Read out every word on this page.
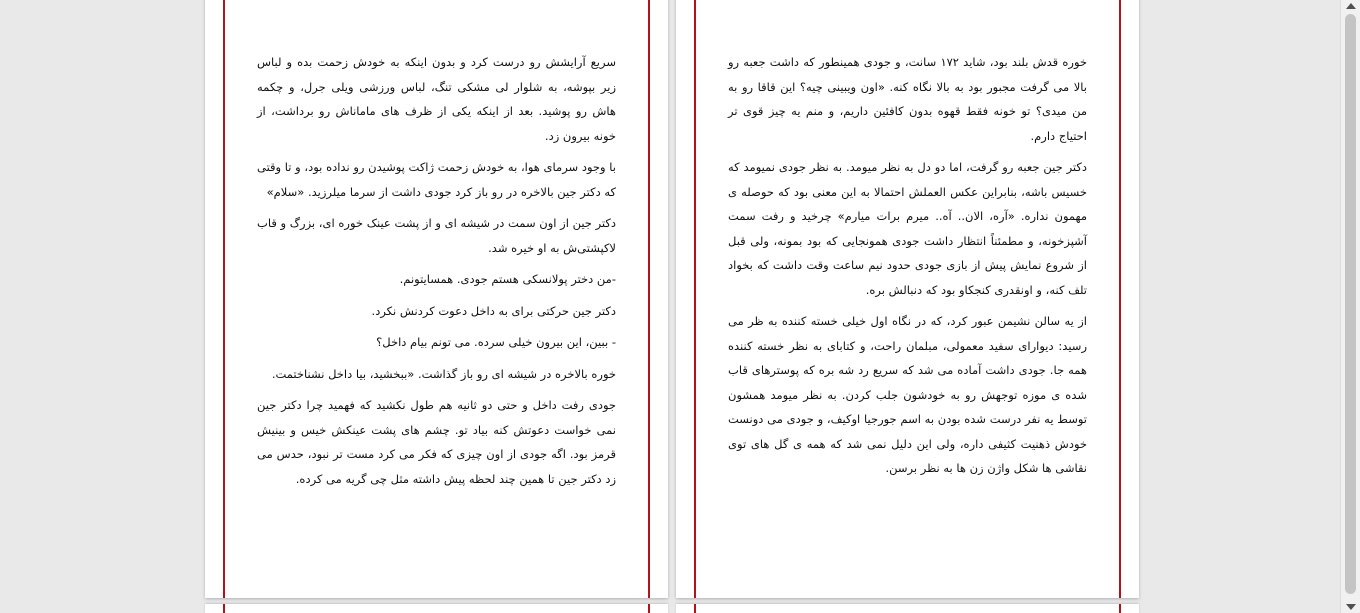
سریع آرایشش رو درست کرد و بدون اینکه به خودش زحمت بده و لباس زیر بپوشه، به شلوار لی مشکی تنگ، لباس ورزشی ویلی جرل، و چکمه هاش رو پوشید. بعد از اینکه یکی از ظرف های ماماناش رو برداشت، از خونه بیرون زد.

با وجود سرمای هوا، به خودش زحمت ژاکت پوشیدن رو نداده بود، و تا وقتی که دکتر جین بالاخره در رو باز کرد جودی داشت از سرما میلرزید. «سلام»

دکتر جین از اون سمت در شیشه ای و از پشت عینک خوره ای، بزرگ و قاب لاکپشتی‌ش به او خیره شد.

-من دختر پولانسکی هستم جودی. همسایتونم.

دکتر جین حرکتی برای به داخل دعوت کردنش نکرد.

- ببین، این بیرون خیلی سرده. می تونم بیام داخل؟

خوره بالاخره در شیشه ای رو باز گذاشت. «ببخشید، بیا داخل نشناختمت.

جودی رفت داخل و حتی دو ثانیه هم طول نکشید که فهمید چرا دکتر جین نمی خواست دعوتش کنه بیاد تو. چشم های پشت عینکش خیس و بینیش قرمز بود. اگه جودی از اون چیزی که فکر می کرد مست تر نبود، حدس می زد دکتر جین تا همین چند لحظه پیش داشته مثل چی گریه می کرده.

خوره قدش بلند بود، شاید ۱۷۲ سانت، و جودی همینطور که داشت جعبه رو بالا می گرفت مجبور بود به بالا نگاه کنه. «اون ویبینی چیه؟ این قاقا رو به من میدی؟ تو خونه فقط قهوه بدون کافئین داریم، و منم یه چیز قوی تر احتیاج دارم.

دکتر جین جعبه رو گرفت، اما دو دل به نظر میومد. به نظر جودی نمیومد که خسیس باشه، بنابراین عکس العملش احتمالا به این معنی بود که حوصله ی مهمون نداره. «آره، الان.. آه.. میرم برات میارم» چرخید و رفت سمت آشپزخونه، و مطمئناً انتظار داشت جودی همونجایی که بود بمونه، ولی قبل از شروع نمایش پیش از بازی جودی حدود نیم ساعت وقت داشت که بخواد تلف کنه، و اونقدری کنجکاو بود که دنبالش بره.

از یه سالن نشیمن عبور کرد، که در نگاه اول خیلی خسته کننده به ظر می رسید: دیوارای سفید معمولی، مبلمان راحت، و کتابای به نظر خسته کننده همه جا. جودی داشت آماده می شد که سریع رد شه بره که پوسترهای قاب شده ی موزه توجهش رو به خودشون جلب کردن. به نظر میومد همشون توسط یه نفر درست شده بودن به اسم جورجیا اوکیف، و جودی می دونست خودش ذهنیت کثیفی داره، ولی این دلیل نمی شد که همه ی گل های توی نقاشی ها شکل واژن زن ها به نظر برسن.
